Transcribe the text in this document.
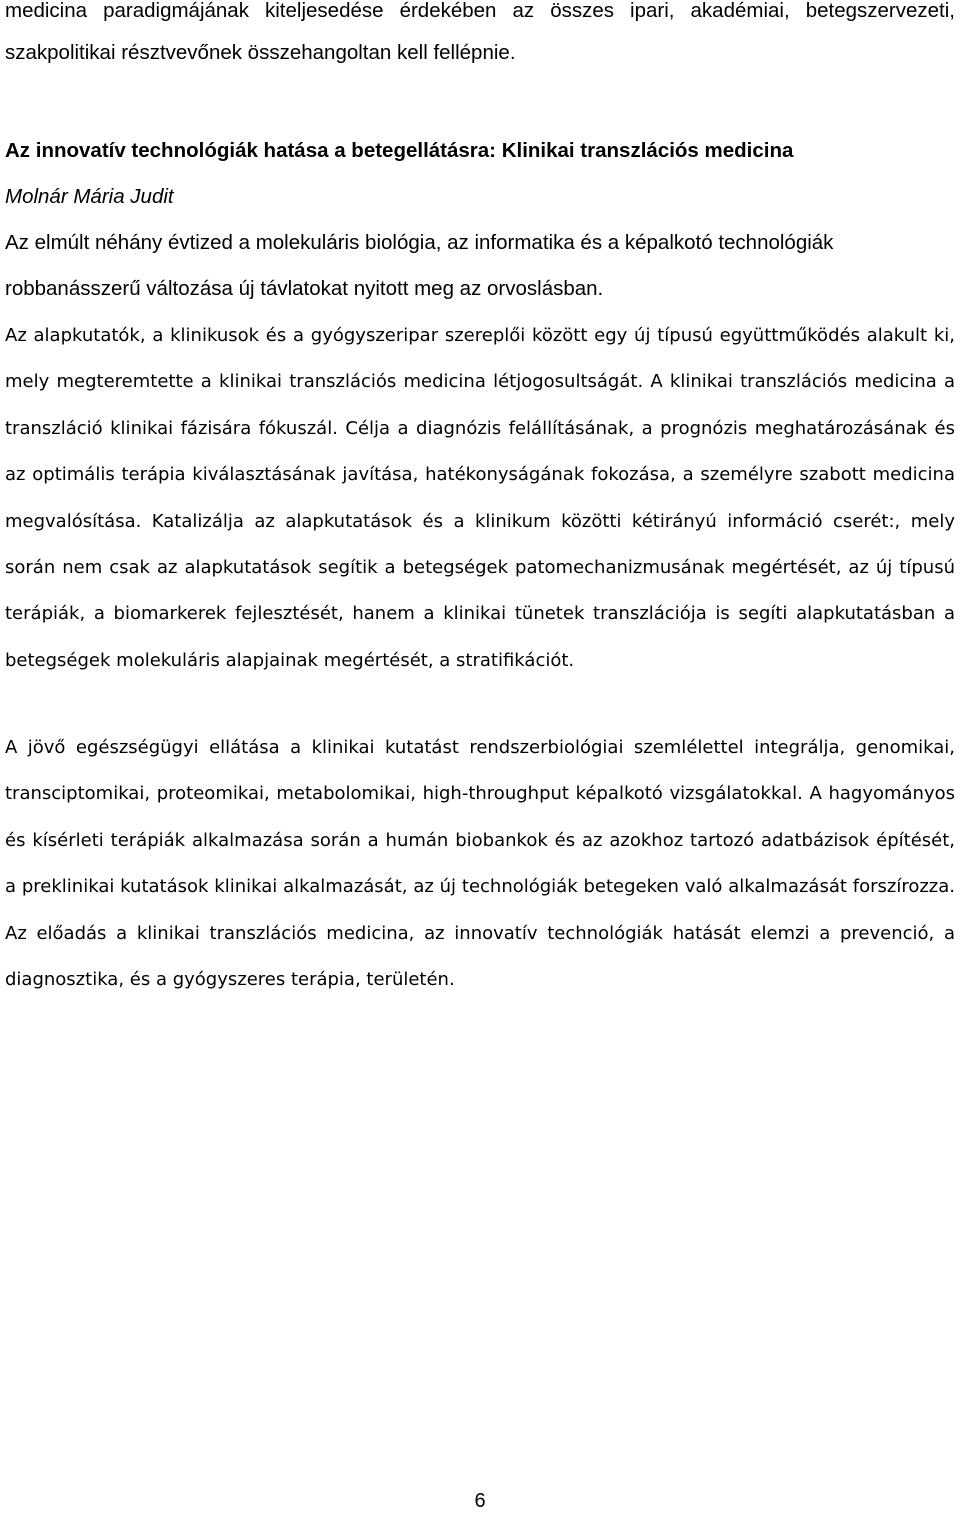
medicina paradigmájának kiteljesedése érdekében az összes ipari, akadémiai, betegszervezeti, szakpolitikai résztvevőnek összehangoltan kell fellépnie.

Az innovatív technológiák hatása a betegellátásra: Klinikai transzlációs medicina

Molnár Mária Judit

Az elmúlt néhány évtized a molekuláris biológia, az informatika és a képalkotó technológiák robbanásszerű változása új távlatokat nyitott meg az orvoslásban.

Az alapkutatók, a klinikusok és a gyógyszeripar szereplői között egy új típusú együttműködés alakult ki, mely megteremtette a klinikai transzlációs medicina létjogosultságát. A klinikai transzlációs medicina a transzláció klinikai fázisára fókuszál. Célja a diagnózis felállításának, a prognózis meghatározásának és az optimális terápia kiválasztásának javítása, hatékonyságának fokozása, a személyre szabott medicina megvalósítása. Katalizálja az alapkutatások és a klinikum közötti kétirányú információ cserét:, mely során nem csak az alapkutatások segítik a betegségek patomechanizmusának megértését, az új típusú terápiák, a biomarkerek fejlesztését, hanem a klinikai tünetek transzlációja is segíti alapkutatásban a betegségek molekuláris alapjainak megértését, a stratifikációt.

A jövő egészségügyi ellátása a klinikai kutatást rendszerbiológiai szemlélettel integrálja, genomikai, transciptomikai, proteomikai, metabolomikai, high-throughput képalkotó vizsgálatokkal. A hagyományos és kísérleti terápiák alkalmazása során a humán biobankok és az azokhoz tartozó adatbázisok építését, a preklinikai kutatások klinikai alkalmazását, az új technológiák betegeken való alkalmazását forszírozza. Az előadás a klinikai transzlációs medicina, az innovatív technológiák hatását elemzi a prevenció, a diagnosztika, és a gyógyszeres terápia, területén.

6
